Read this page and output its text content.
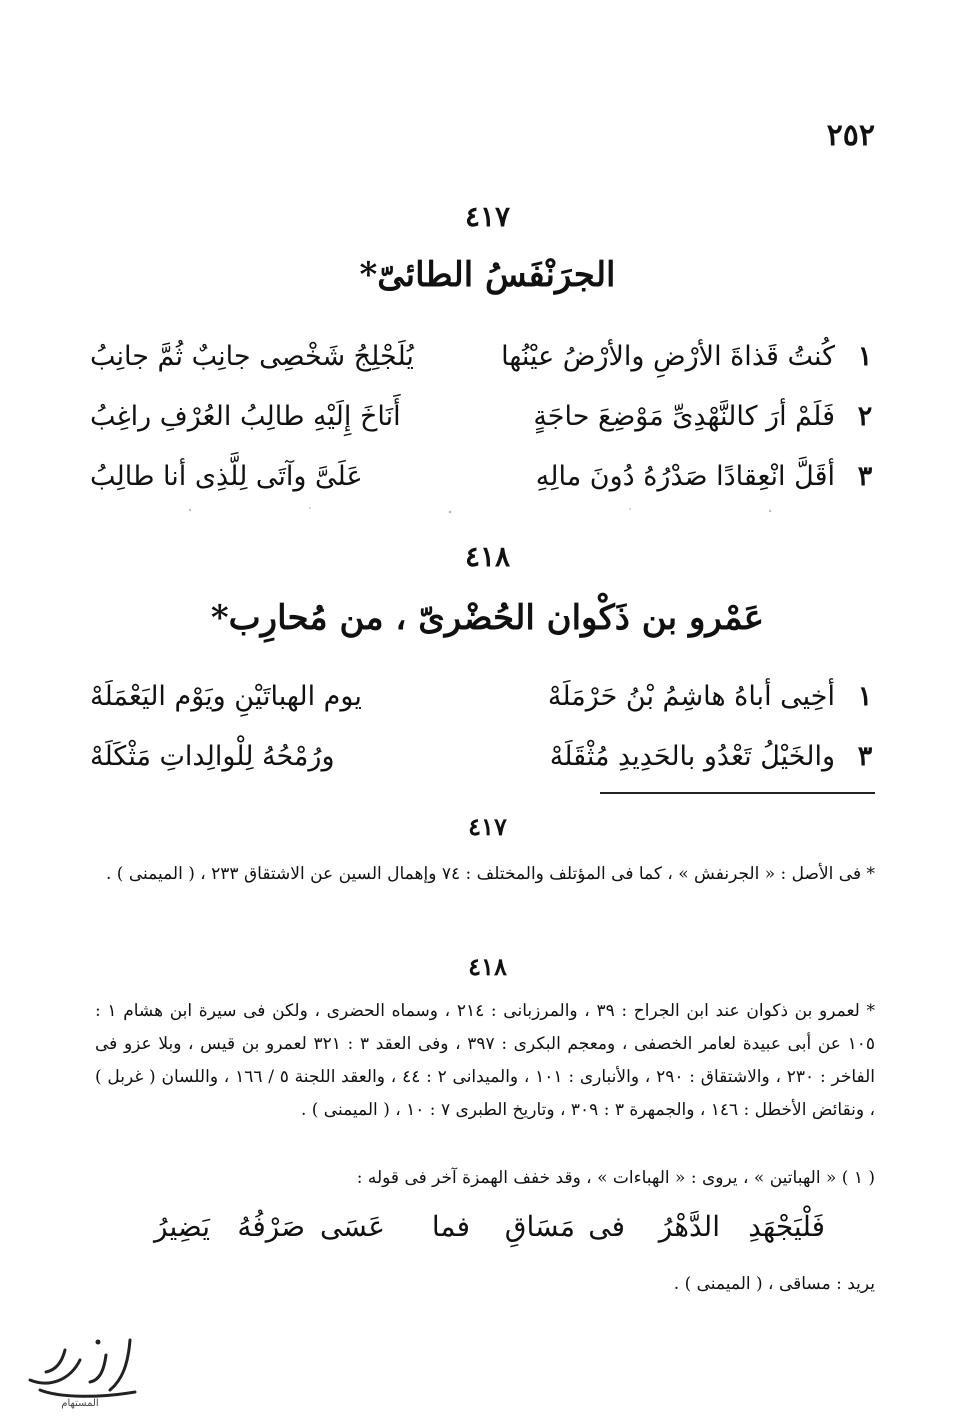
٢٥٢
٤١٧
الجرَنْفَسُ الطائىّ*
١
كُنتُ قَذاةَ الأرْضِ والأرْضُ عيْنُها
يُلَجْلِجُ شَخْصِى جانِبٌ ثُمَّ جانِبُ
٢
فَلَمْ أرَ كالنَّهْدِىِّ مَوْضِعَ حاجَةٍ
أَنَاخَ إِلَيْهِ طالِبُ العُرْفِ راغِبُ
٣
أقَلَّ انْعِقادًا صَدْرُهُ دُونَ مالِهِ
عَلَىَّ وآتَى لِلَّذِى أنا طالِبُ
٤١٨
عَمْرو بن ذَكْوان الحُضْرىّ ، من مُحارِب*
١
أخِيى أباهُ هاشِمُ بْنُ حَرْمَلَهْ
يوم الهباتَيْنِ ويَوْم اليَعْمَلَهْ
٣
والخَيْلُ تَعْدُو بالحَدِيدِ مُثْقَلَهْ
ورُمْحُهُ لِلْوالِداتِ مَثْكَلَهْ
٤١٧
* فى الأصل : « الجرنفش » ، كما فى المؤتلف والمختلف : ٧٤ وإهمال السين عن الاشتقاق ٢٣٣ ، ( الميمنى ) .
٤١٨
* لعمرو بن ذكوان عند ابن الجراح : ٣٩ ، والمرزبانى : ٢١٤ ، وسماه الحضرى ، ولكن فى سيرة ابن هشام ١ : ١٠٥ عن أبى عبيدة لعامر الخصفى ، ومعجم البكرى : ٣٩٧ ، وفى العقد ٣ : ٣٢١ لعمرو بن قيس ، وبلا عزو فى الفاخر : ٢٣٠ ، والاشتقاق : ٢٩٠ ، والأنبارى : ١٠١ ، والميدانى ٢ : ٤٤ ، والعقد اللجنة ٥ / ١٦٦ ، واللسان ( غربل ) ، ونقائض الأخطل : ١٤٦ ، والجمهرة ٣ : ٣٠٩ ، وتاريخ الطبرى ٧ : ١٠ ، ( الميمنى ) .
( ١ ) « الهباتين » ، يروى : « الهباءات » ، وقد خفف الهمزة آخر فى قوله :
فَلْيَجْهَدِ
الدَّهْرُ
فى
مَسَاقِ
فما
عَسَى
صَرْفُهُ
يَضِيرُ
يريد : مساقى ، ( الميمنى ) .
المستهام
